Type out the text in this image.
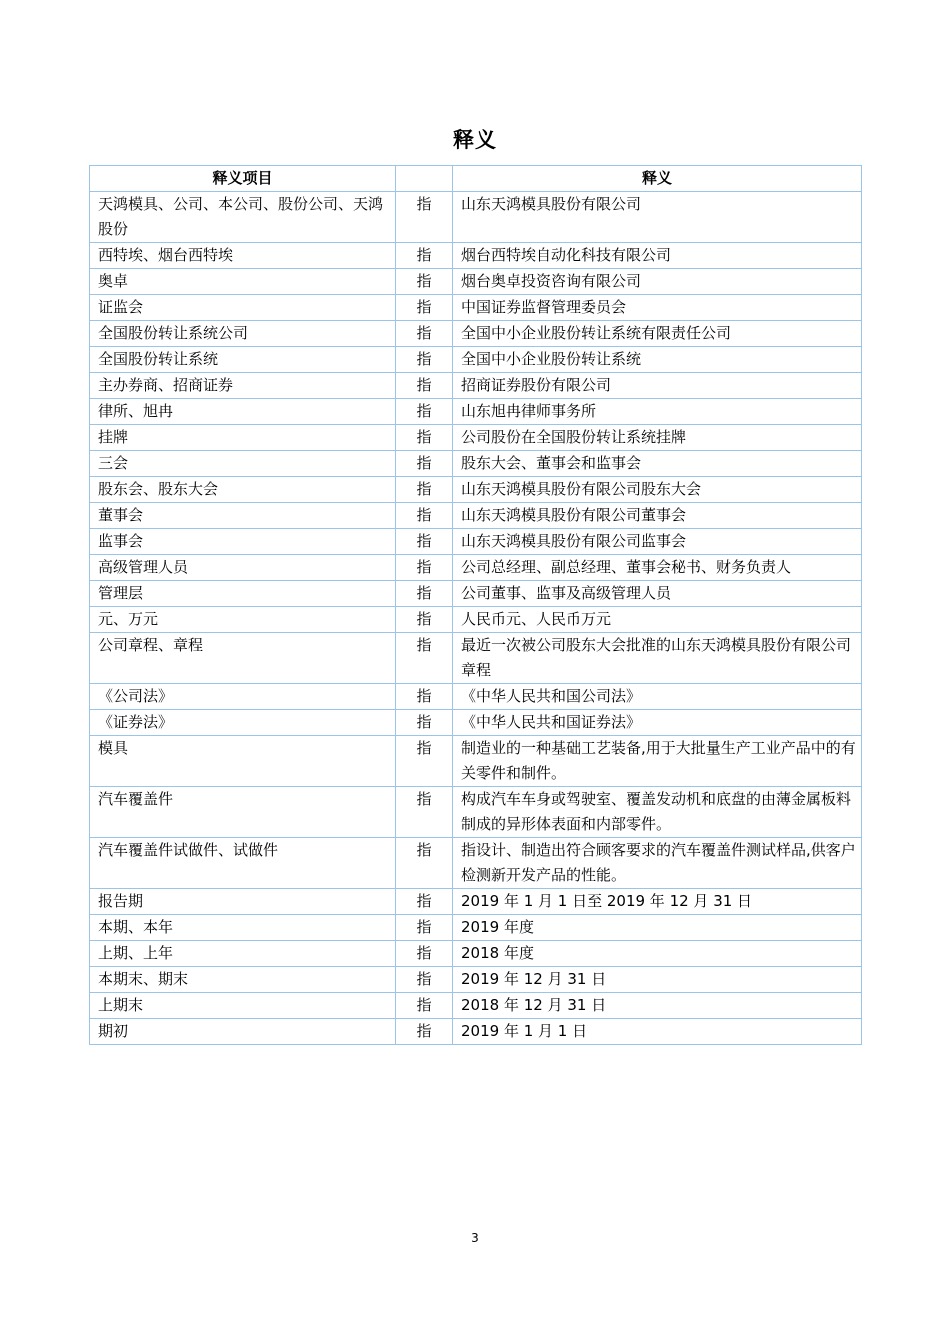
释义
释义项目		释义
天鸿模具、公司、本公司、股份公司、天鸿股份	指	山东天鸿模具股份有限公司
西特埃、烟台西特埃	指	烟台西特埃自动化科技有限公司
奥卓	指	烟台奥卓投资咨询有限公司
证监会	指	中国证券监督管理委员会
全国股份转让系统公司	指	全国中小企业股份转让系统有限责任公司
全国股份转让系统	指	全国中小企业股份转让系统
主办券商、招商证券	指	招商证券股份有限公司
律所、旭冉	指	山东旭冉律师事务所
挂牌	指	公司股份在全国股份转让系统挂牌
三会	指	股东大会、董事会和监事会
股东会、股东大会	指	山东天鸿模具股份有限公司股东大会
董事会	指	山东天鸿模具股份有限公司董事会
监事会	指	山东天鸿模具股份有限公司监事会
高级管理人员	指	公司总经理、副总经理、董事会秘书、财务负责人
管理层	指	公司董事、监事及高级管理人员
元、万元	指	人民币元、人民币万元
公司章程、章程	指	最近一次被公司股东大会批准的山东天鸿模具股份有限公司章程
《公司法》	指	《中华人民共和国公司法》
《证券法》	指	《中华人民共和国证券法》
模具	指	制造业的一种基础工艺装备,用于大批量生产工业产品中的有关零件和制件。
汽车覆盖件	指	构成汽车车身或驾驶室、覆盖发动机和底盘的由薄金属板料制成的异形体表面和内部零件。
汽车覆盖件试做件、试做件	指	指设计、制造出符合顾客要求的汽车覆盖件测试样品,供客户检测新开发产品的性能。
报告期	指	2019 年 1 月 1 日至 2019 年 12 月 31 日
本期、本年	指	2019 年度
上期、上年	指	2018 年度
本期末、期末	指	2019 年 12 月 31 日
上期末	指	2018 年 12 月 31 日
期初	指	2019 年 1 月 1 日
3
